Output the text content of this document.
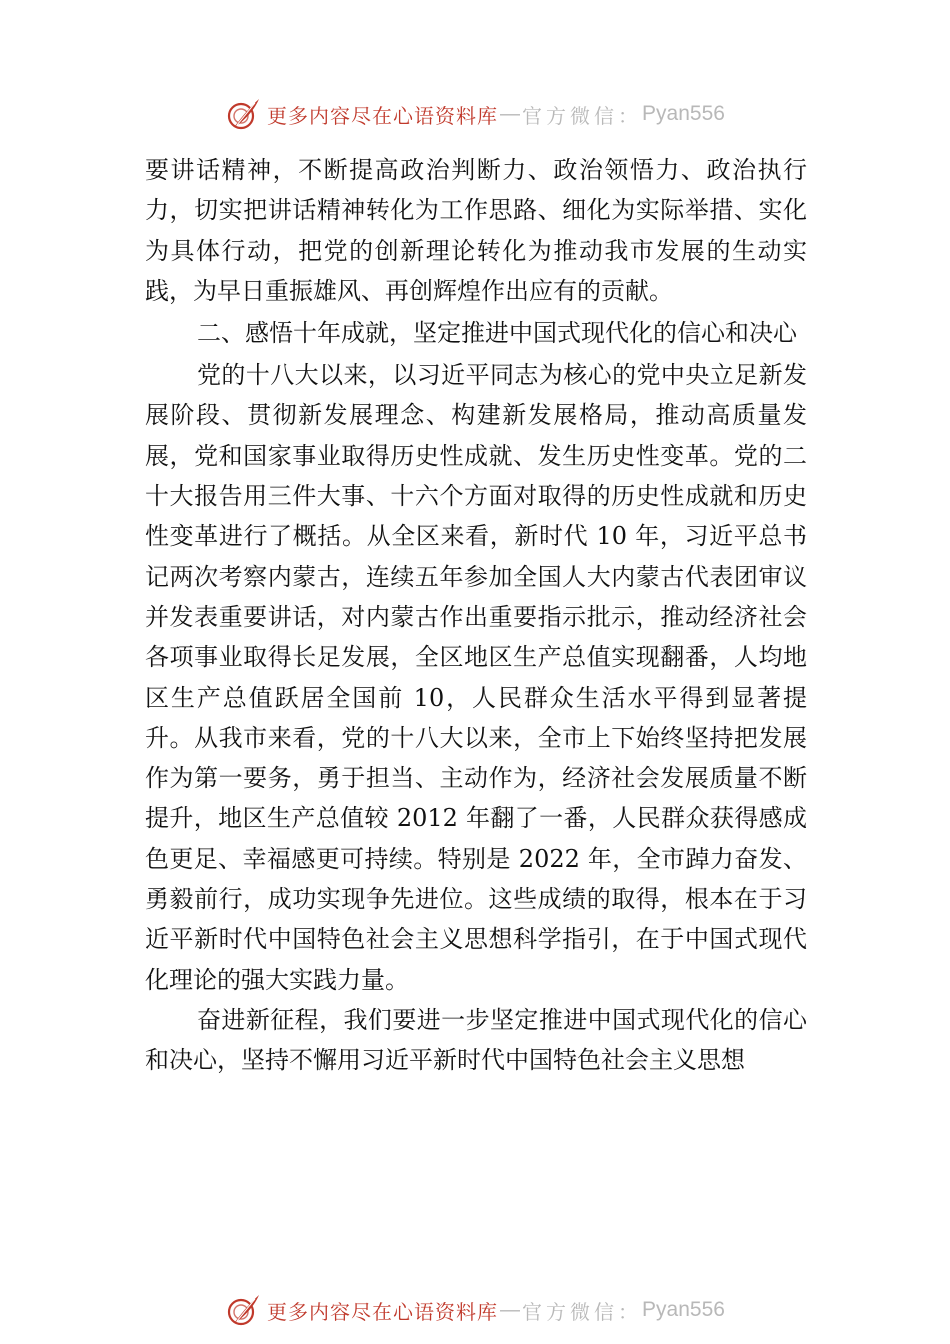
更多内容尽在心语资料库 — 官方微信： Pyan556

要讲话精神，不断提高政治判断力、政治领悟力、政治执行力，切实把讲话精神转化为工作思路、细化为实际举措、实化为具体行动，把党的创新理论转化为推动我市发展的生动实践，为早日重振雄风、再创辉煌作出应有的贡献。

二、感悟十年成就，坚定推进中国式现代化的信心和决心

党的十八大以来，以习近平同志为核心的党中央立足新发展阶段、贯彻新发展理念、构建新发展格局，推动高质量发展，党和国家事业取得历史性成就、发生历史性变革。党的二十大报告用三件大事、十六个方面对取得的历史性成就和历史性变革进行了概括。从全区来看，新时代 10 年，习近平总书记两次考察内蒙古，连续五年参加全国人大内蒙古代表团审议并发表重要讲话，对内蒙古作出重要指示批示，推动经济社会各项事业取得长足发展，全区地区生产总值实现翻番，人均地区生产总值跃居全国前 10，人民群众生活水平得到显著提升。从我市来看，党的十八大以来，全市上下始终坚持把发展作为第一要务，勇于担当、主动作为，经济社会发展质量不断提升，地区生产总值较 2012 年翻了一番，人民群众获得感成色更足、幸福感更可持续。特别是 2022 年，全市踔力奋发、勇毅前行，成功实现争先进位。这些成绩的取得，根本在于习近平新时代中国特色社会主义思想科学指引，在于中国式现代化理论的强大实践力量。

奋进新征程，我们要进一步坚定推进中国式现代化的信心和决心，坚持不懈用习近平新时代中国特色社会主义思想

更多内容尽在心语资料库 — 官方微信： Pyan556
